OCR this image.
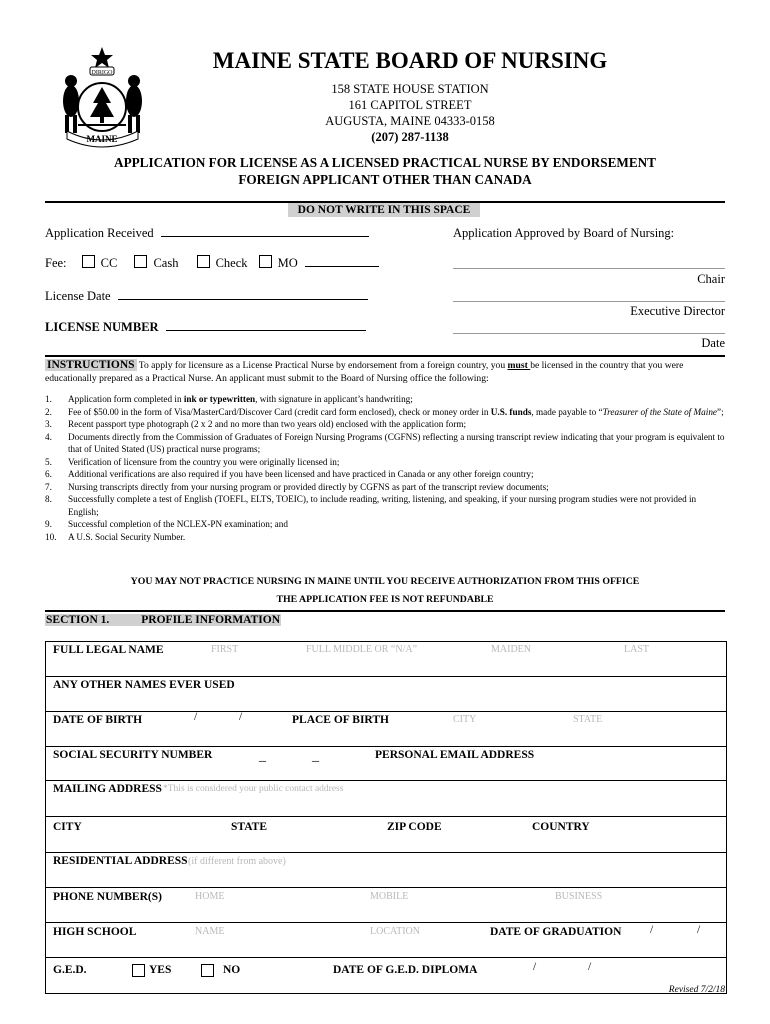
DIRIGO
MAINE
MAINE STATE BOARD OF NURSING
158 STATE HOUSE STATION
161 CAPITOL STREET
AUGUSTA, MAINE 04333-0158
(207) 287-1138
APPLICATION FOR LICENSE AS A LICENSED PRACTICAL NURSE BY ENDORSEMENT
FOREIGN APPLICANT OTHER THAN CANADA
DO NOT WRITE IN THIS SPACE
Application Received
Fee:	CC	Cash	Check MO
License Date
LICENSE NUMBER
Application Approved by Board of Nursing:
Chair
Executive Director
Date
INSTRUCTIONS To apply for licensure as a License Practical Nurse by endorsement from a foreign country, you must be licensed in the country that you were educationally prepared as a Practical Nurse. An applicant must submit to the Board of Nursing office the following:
1. Application form completed in ink or typewritten, with signature in applicant’s handwriting;
2. Fee of $50.00 in the form of Visa/MasterCard/Discover Card (credit card form enclosed), check or money order in U.S. funds, made payable to “Treasurer of the State of Maine”;
3. Recent passport type photograph (2 x 2 and no more than two years old) enclosed with the application form;
4. Documents directly from the Commission of Graduates of Foreign Nursing Programs (CGFNS) reflecting a nursing transcript review indicating that your program is equivalent to that of United Stated (US) practical nurse programs;
5. Verification of licensure from the country you were originally licensed in;
6. Additional verifications are also required if you have been licensed and have practiced in Canada or any other foreign country;
7. Nursing transcripts directly from your nursing program or provided directly by CGFNS as part of the transcript review documents;
8. Successfully complete a test of English (TOEFL, ELTS, TOEIC), to include reading, writing, listening, and speaking, if your nursing program studies were not provided in English;
9. Successful completion of the NCLEX-PN examination; and
10. A U.S. Social Security Number.
YOU MAY NOT PRACTICE NURSING IN MAINE UNTIL YOU RECEIVE AUTHORIZATION FROM THIS OFFICE
THE APPLICATION FEE IS NOT REFUNDABLE
SECTION 1.	PROFILE INFORMATION
FULL LEGAL NAME	FIRST	FULL MIDDLE OR “N/A”	MAIDEN	LAST
ANY OTHER NAMES EVER USED
DATE OF BIRTH	/	/	PLACE OF BIRTH	CITY	STATE
SOCIAL SECURITY NUMBER	_	_	PERSONAL EMAIL ADDRESS
MAILING ADDRESS *This is considered your public contact address
CITY	STATE	ZIP CODE	COUNTRY
RESIDENTIAL ADDRESS (if different from above)
PHONE NUMBER(S)	HOME	MOBILE	BUSINESS
HIGH SCHOOL	NAME	LOCATION	DATE OF GRADUATION /	/
G.E.D.	YES	NO	DATE OF G.E.D. DIPLOMA	/	/
Revised 7/2/18
